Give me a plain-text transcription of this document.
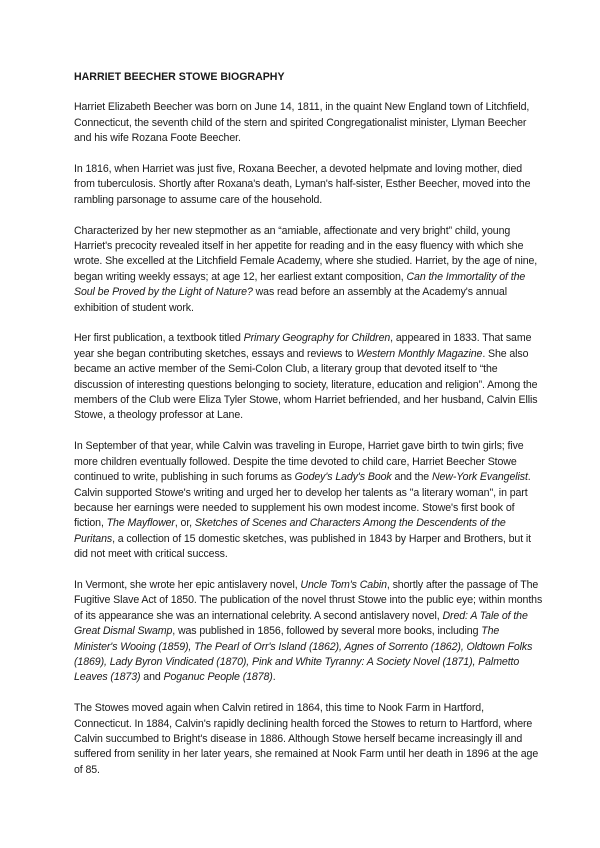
HARRIET BEECHER STOWE BIOGRAPHY

Harriet Elizabeth Beecher was born on June 14, 1811, in the quaint New England town of Litchfield, Connecticut, the seventh child of the stern and spirited Congregationalist minister, Llyman Beecher and his wife Rozana Foote Beecher.

In 1816, when Harriet was just five, Roxana Beecher, a devoted helpmate and loving mother, died from tuberculosis. Shortly after Roxana's death, Lyman's half-sister, Esther Beecher, moved into the rambling parsonage to assume care of the household.

Characterized by her new stepmother as an “amiable, affectionate and very bright” child, young Harriet's precocity revealed itself in her appetite for reading and in the easy fluency with which she wrote. She excelled at the Litchfield Female Academy, where she studied. Harriet, by the age of nine, began writing weekly essays; at age 12, her earliest extant composition, Can the Immortality of the Soul be Proved by the Light of Nature? was read before an assembly at the Academy's annual exhibition of student work.

Her first publication, a textbook titled Primary Geography for Children, appeared in 1833. That same year she began contributing sketches, essays and reviews to Western Monthly Magazine. She also became an active member of the Semi-Colon Club, a literary group that devoted itself to “the discussion of interesting questions belonging to society, literature, education and religion”. Among the members of the Club were Eliza Tyler Stowe, whom Harriet befriended, and her husband, Calvin Ellis Stowe, a theology professor at Lane.

In September of that year, while Calvin was traveling in Europe, Harriet gave birth to twin girls; five more children eventually followed. Despite the time devoted to child care, Harriet Beecher Stowe continued to write, publishing in such forums as Godey's Lady's Book and the New-York Evangelist. Calvin supported Stowe's writing and urged her to develop her talents as "a literary woman", in part because her earnings were needed to supplement his own modest income. Stowe's first book of fiction, The Mayflower, or, Sketches of Scenes and Characters Among the Descendents of the Puritans, a collection of 15 domestic sketches, was published in 1843 by Harper and Brothers, but it did not meet with critical success.

In Vermont, she wrote her epic antislavery novel, Uncle Tom's Cabin, shortly after the passage of The Fugitive Slave Act of 1850. The publication of the novel thrust Stowe into the public eye; within months of its appearance she was an international celebrity. A second antislavery novel, Dred: A Tale of the Great Dismal Swamp, was published in 1856, followed by several more books, including The Minister's Wooing (1859), The Pearl of Orr's Island (1862), Agnes of Sorrento (1862), Oldtown Folks (1869), Lady Byron Vindicated (1870), Pink and White Tyranny: A Society Novel (1871), Palmetto Leaves (1873) and Poganuc People (1878).

The Stowes moved again when Calvin retired in 1864, this time to Nook Farm in Hartford, Connecticut. In 1884, Calvin's rapidly declining health forced the Stowes to return to Hartford, where Calvin succumbed to Bright's disease in 1886. Although Stowe herself became increasingly ill and suffered from senility in her later years, she remained at Nook Farm until her death in 1896 at the age of 85.
